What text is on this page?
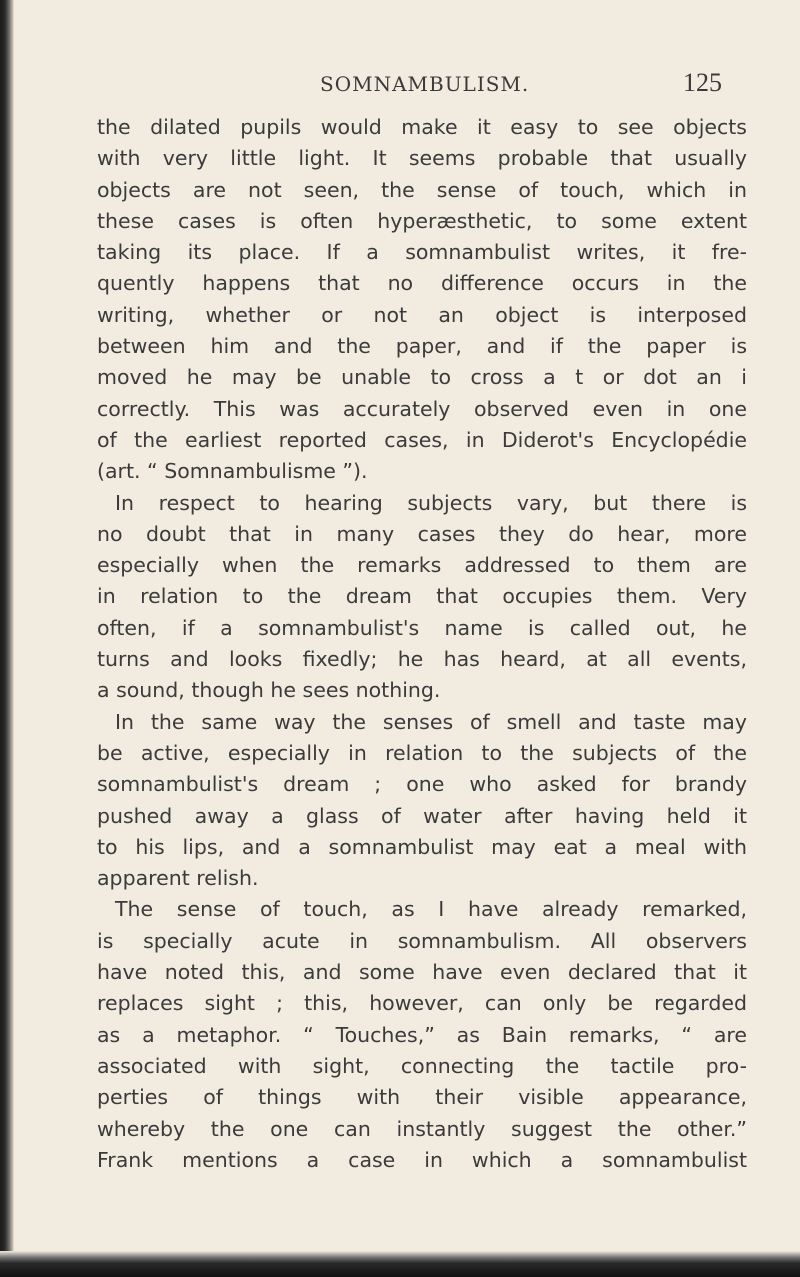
SOMNAMBULISM.	125
the dilated pupils would make it easy to see objects
with very little light. It seems probable that usually
objects are not seen, the sense of touch, which in
these cases is often hyperæsthetic, to some extent
taking its place. If a somnambulist writes, it fre-
quently happens that no difference occurs in the
writing, whether or not an object is interposed
between him and the paper, and if the paper is
moved he may be unable to cross a t or dot an i
correctly. This was accurately observed even in one
of the earliest reported cases, in Diderot's Encyclopédie
(art. “ Somnambulisme ”).
In respect to hearing subjects vary, but there is
no doubt that in many cases they do hear, more
especially when the remarks addressed to them are
in relation to the dream that occupies them. Very
often, if a somnambulist's name is called out, he
turns and looks fixedly; he has heard, at all events,
a sound, though he sees nothing.
In the same way the senses of smell and taste may
be active, especially in relation to the subjects of the
somnambulist's dream ; one who asked for brandy
pushed away a glass of water after having held it
to his lips, and a somnambulist may eat a meal with
apparent relish.
The sense of touch, as I have already remarked,
is specially acute in somnambulism. All observers
have noted this, and some have even declared that it
replaces sight ; this, however, can only be regarded
as a metaphor. “ Touches,” as Bain remarks, “ are
associated with sight, connecting the tactile pro-
perties of things with their visible appearance,
whereby the one can instantly suggest the other.”
Frank mentions a case in which a somnambulist
